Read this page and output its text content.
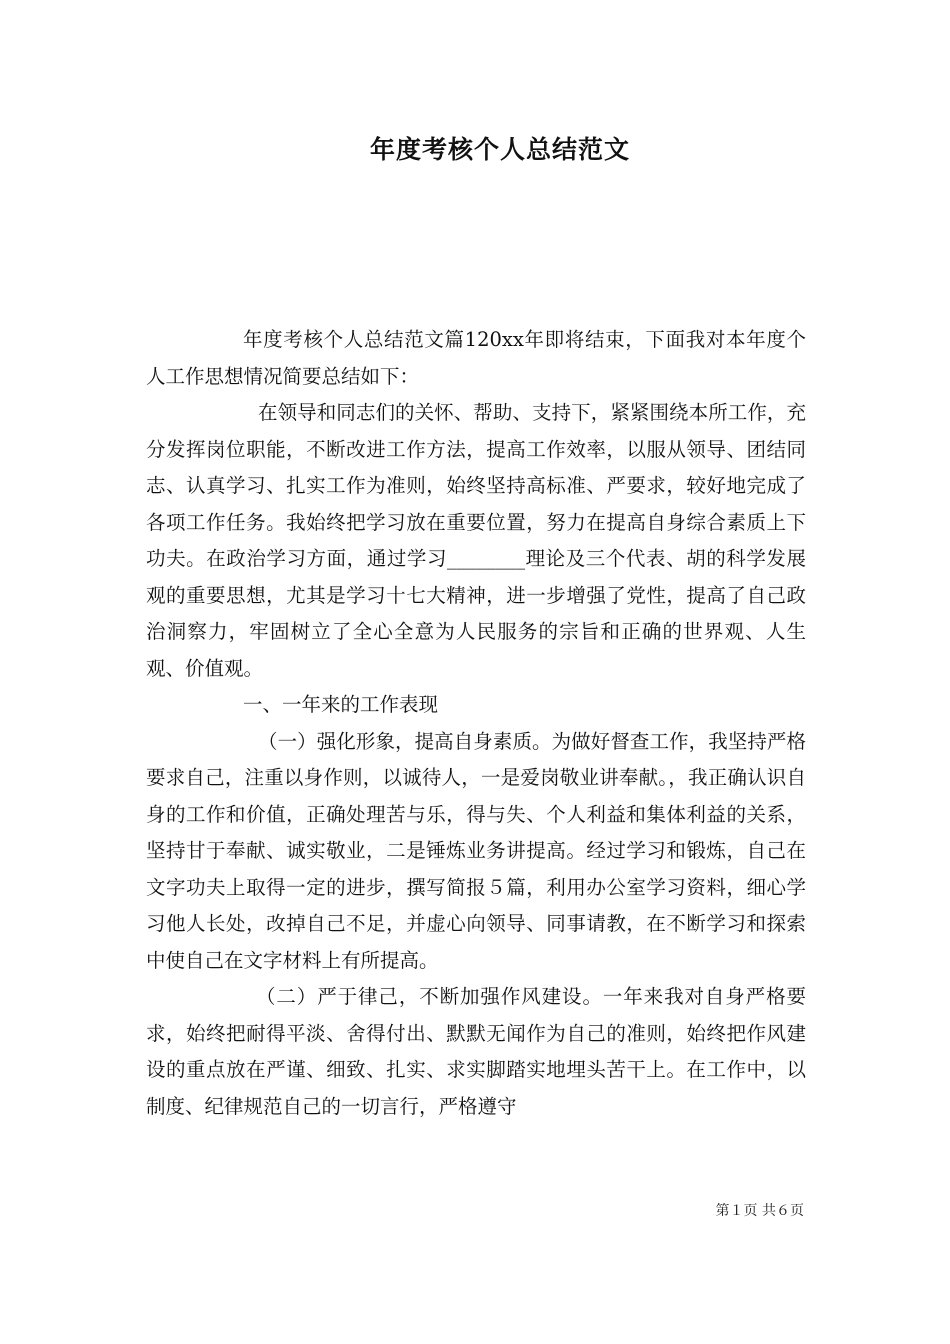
年度考核个人总结范文

年度考核个人总结范文篇120xx年即将结束，下面我对本年度个人工作思想情况简要总结如下：

在领导和同志们的关怀、帮助、支持下，紧紧围绕本所工作，充分发挥岗位职能，不断改进工作方法，提高工作效率，以服从领导、团结同志、认真学习、扎实工作为准则，始终坚持高标准、严要求，较好地完成了各项工作任务。我始终把学习放在重要位置，努力在提高自身综合素质上下功夫。在政治学习方面，通过学习________理论及三个代表、胡的科学发展观的重要思想，尤其是学习十七大精神，进一步增强了党性，提高了自己政治洞察力，牢固树立了全心全意为人民服务的宗旨和正确的世界观、人生观、价值观。

一、一年来的工作表现

（一）强化形象，提高自身素质。为做好督查工作，我坚持严格要求自己，注重以身作则，以诚待人，一是爱岗敬业讲奉献。，我正确认识自身的工作和价值，正确处理苦与乐，得与失、个人利益和集体利益的关系，坚持甘于奉献、诚实敬业，二是锤炼业务讲提高。经过学习和锻炼，自己在文字功夫上取得一定的进步，撰写简报５篇，利用办公室学习资料，细心学习他人长处，改掉自己不足，并虚心向领导、同事请教，在不断学习和探索中使自己在文字材料上有所提高。

（二）严于律己，不断加强作风建设。一年来我对自身严格要求，始终把耐得平淡、舍得付出、默默无闻作为自己的准则，始终把作风建设的重点放在严谨、细致、扎实、求实脚踏实地埋头苦干上。在工作中，以制度、纪律规范自己的一切言行，严格遵守

第１页 共６页
